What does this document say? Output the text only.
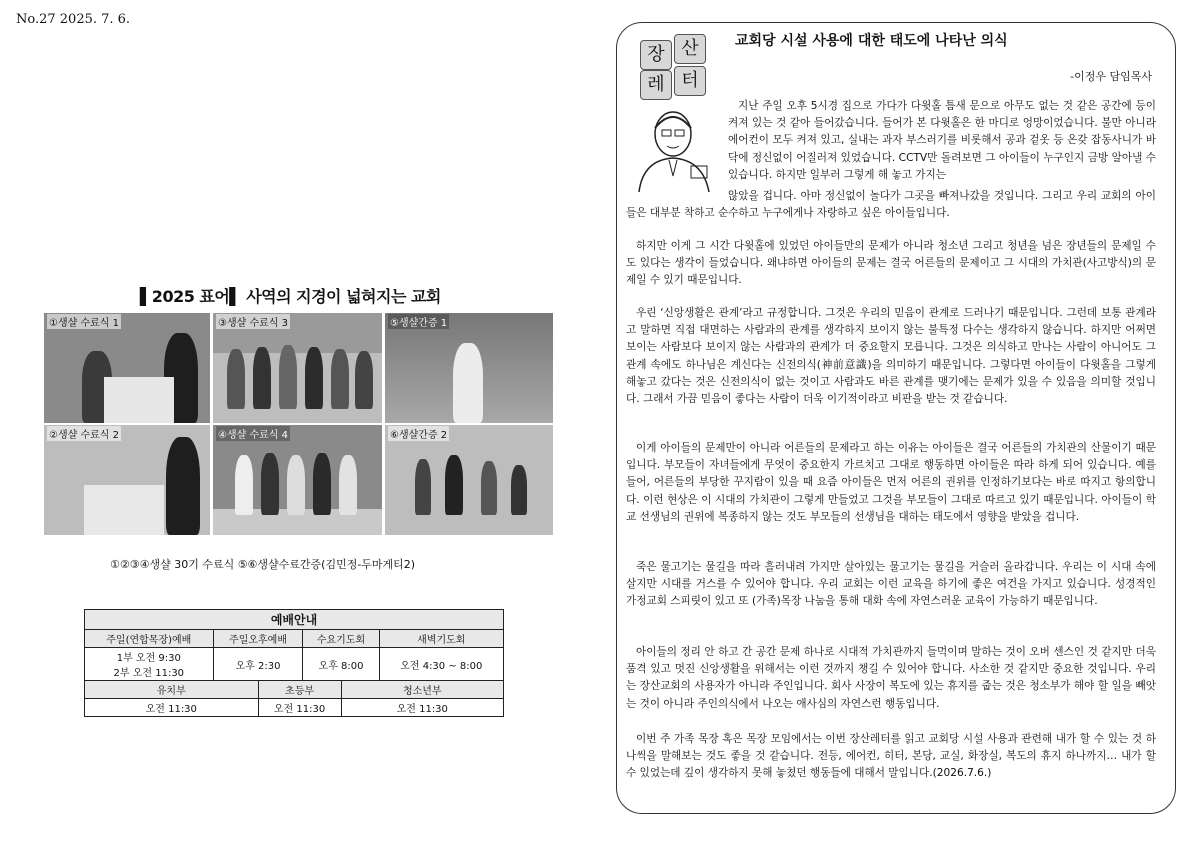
No.27 2025. 7. 6.
▌2025 표어▌ 사역의 지경이 넓혀지는 교회
①생샬 수료식 1	③생샬 수료식 3	⑤생샬간증 1
②생샬 수료식 2	④생샬 수료식 4	⑥생샬간증 2
①②③④생샬 30기 수료식 ⑤⑥생샬수료간증(김민정-두마게티2)
예배안내					
주일(연합목장)예배	주일오후예배		수요기도회		새벽기도회

1부 오전 9:30
2부 오전 11:30	오후 2:30		오후 8:00		오전 4:30 ~ 8:00
유치부		초등부		청소년부	
오전 11:30		오전 11:30		오전 11:30	
장 산
레 터
교회당 시설 사용에 대한 태도에 나타난 의식
-이정우 담임목사

지난 주일 오후 5시경 집으로 가다가 다윗홀 틈새 문으로 아무도 없는 것 같은 공간에 등이 켜져 있는 것 같아 들어갔습니다. 들어가 본 다윗홀은 한 마디로 엉망이었습니다. 불만 아니라 에어컨이 모두 켜져 있고, 실내는 과자 부스러기를 비롯해서 공과 겉옷 등 온갖 잡동사니가 바닥에 정신없이 어질러져 있었습니다. CCTV만 돌려보면 그 아이들이 누구인지 금방 알아낼 수 있습니다. 하지만 일부러 그렇게 해 놓고 가지는

않았을 겁니다. 아마 정신없이 놀다가 그곳을 빠져나갔을 것입니다. 그리고 우리 교회의 아이들은 대부분 착하고 순수하고 누구에게나 자랑하고 싶은 아이들입니다.

하지만 이게 그 시간 다윗홀에 있었던 아이들만의 문제가 아니라 청소년 그리고 청년을 넘은 장년들의 문제일 수도 있다는 생각이 들었습니다. 왜냐하면 아이들의 문제는 결국 어른들의 문제이고 그 시대의 가치관(사고방식)의 문제일 수 있기 때문입니다.

우린 ‘신앙생활은 관계’라고 규정합니다. 그것은 우리의 믿음이 관계로 드러나기 때문입니다. 그런데 보통 관계라고 말하면 직접 대면하는 사람과의 관계를 생각하지 보이지 않는 불특정 다수는 생각하지 않습니다. 하지만 어쩌면 보이는 사람보다 보이지 않는 사람과의 관계가 더 중요할지 모릅니다. 그것은 의식하고 만나는 사람이 아니어도 그 관계 속에도 하나님은 계신다는 신전의식(神前意識)을 의미하기 때문입니다. 그렇다면 아이들이 다윗홀을 그렇게 해놓고 갔다는 것은 신전의식이 없는 것이고 사람과도 바른 관계를 맺기에는 문제가 있을 수 있음을 의미할 것입니다. 그래서 가끔 믿음이 좋다는 사람이 더욱 이기적이라고 비판을 받는 것 같습니다.

이게 아이들의 문제만이 아니라 어른들의 문제라고 하는 이유는 아이들은 결국 어른들의 가치관의 산물이기 때문입니다. 부모들이 자녀들에게 무엇이 중요한지 가르치고 그대로 행동하면 아이들은 따라 하게 되어 있습니다. 예를 들어, 어른들의 부당한 꾸지람이 있을 때 요즘 아이들은 먼저 어른의 권위를 인정하기보다는 바로 따지고 항의합니다. 이런 현상은 이 시대의 가치관이 그렇게 만들었고 그것을 부모들이 그대로 따르고 있기 때문입니다. 아이들이 학교 선생님의 권위에 복종하지 않는 것도 부모들의 선생님을 대하는 태도에서 영향을 받았을 겁니다.

죽은 물고기는 물길을 따라 흘러내려 가지만 살아있는 물고기는 물길을 거슬러 올라갑니다. 우리는 이 시대 속에 살지만 시대를 거스를 수 있어야 합니다. 우리 교회는 이런 교육을 하기에 좋은 여건을 가지고 있습니다. 성경적인 가정교회 스피릿이 있고 또 (가족)목장 나눔을 통해 대화 속에 자연스러운 교육이 가능하기 때문입니다.

아이들의 정리 안 하고 간 공간 문제 하나로 시대적 가치관까지 들먹이며 말하는 것이 오버 센스인 것 같지만 더욱 품격 있고 멋진 신앙생활을 위해서는 이런 것까지 챙길 수 있어야 합니다. 사소한 것 같지만 중요한 것입니다. 우리는 장산교회의 사용자가 아니라 주인입니다. 회사 사장이 복도에 있는 휴지를 줍는 것은 청소부가 해야 할 일을 빼앗는 것이 아니라 주인의식에서 나오는 애사심의 자연스런 행동입니다.

이번 주 가족 목장 혹은 목장 모임에서는 이번 장산레터를 읽고 교회당 시설 사용과 관련해 내가 할 수 있는 것 하나씩을 말해보는 것도 좋을 것 같습니다. 전등, 에어컨, 히터, 본당, 교실, 화장실, 복도의 휴지 하나까지… 내가 할 수 있었는데 깊이 생각하지 못해 놓쳤던 행동들에 대해서 말입니다.(2026.7.6.)
